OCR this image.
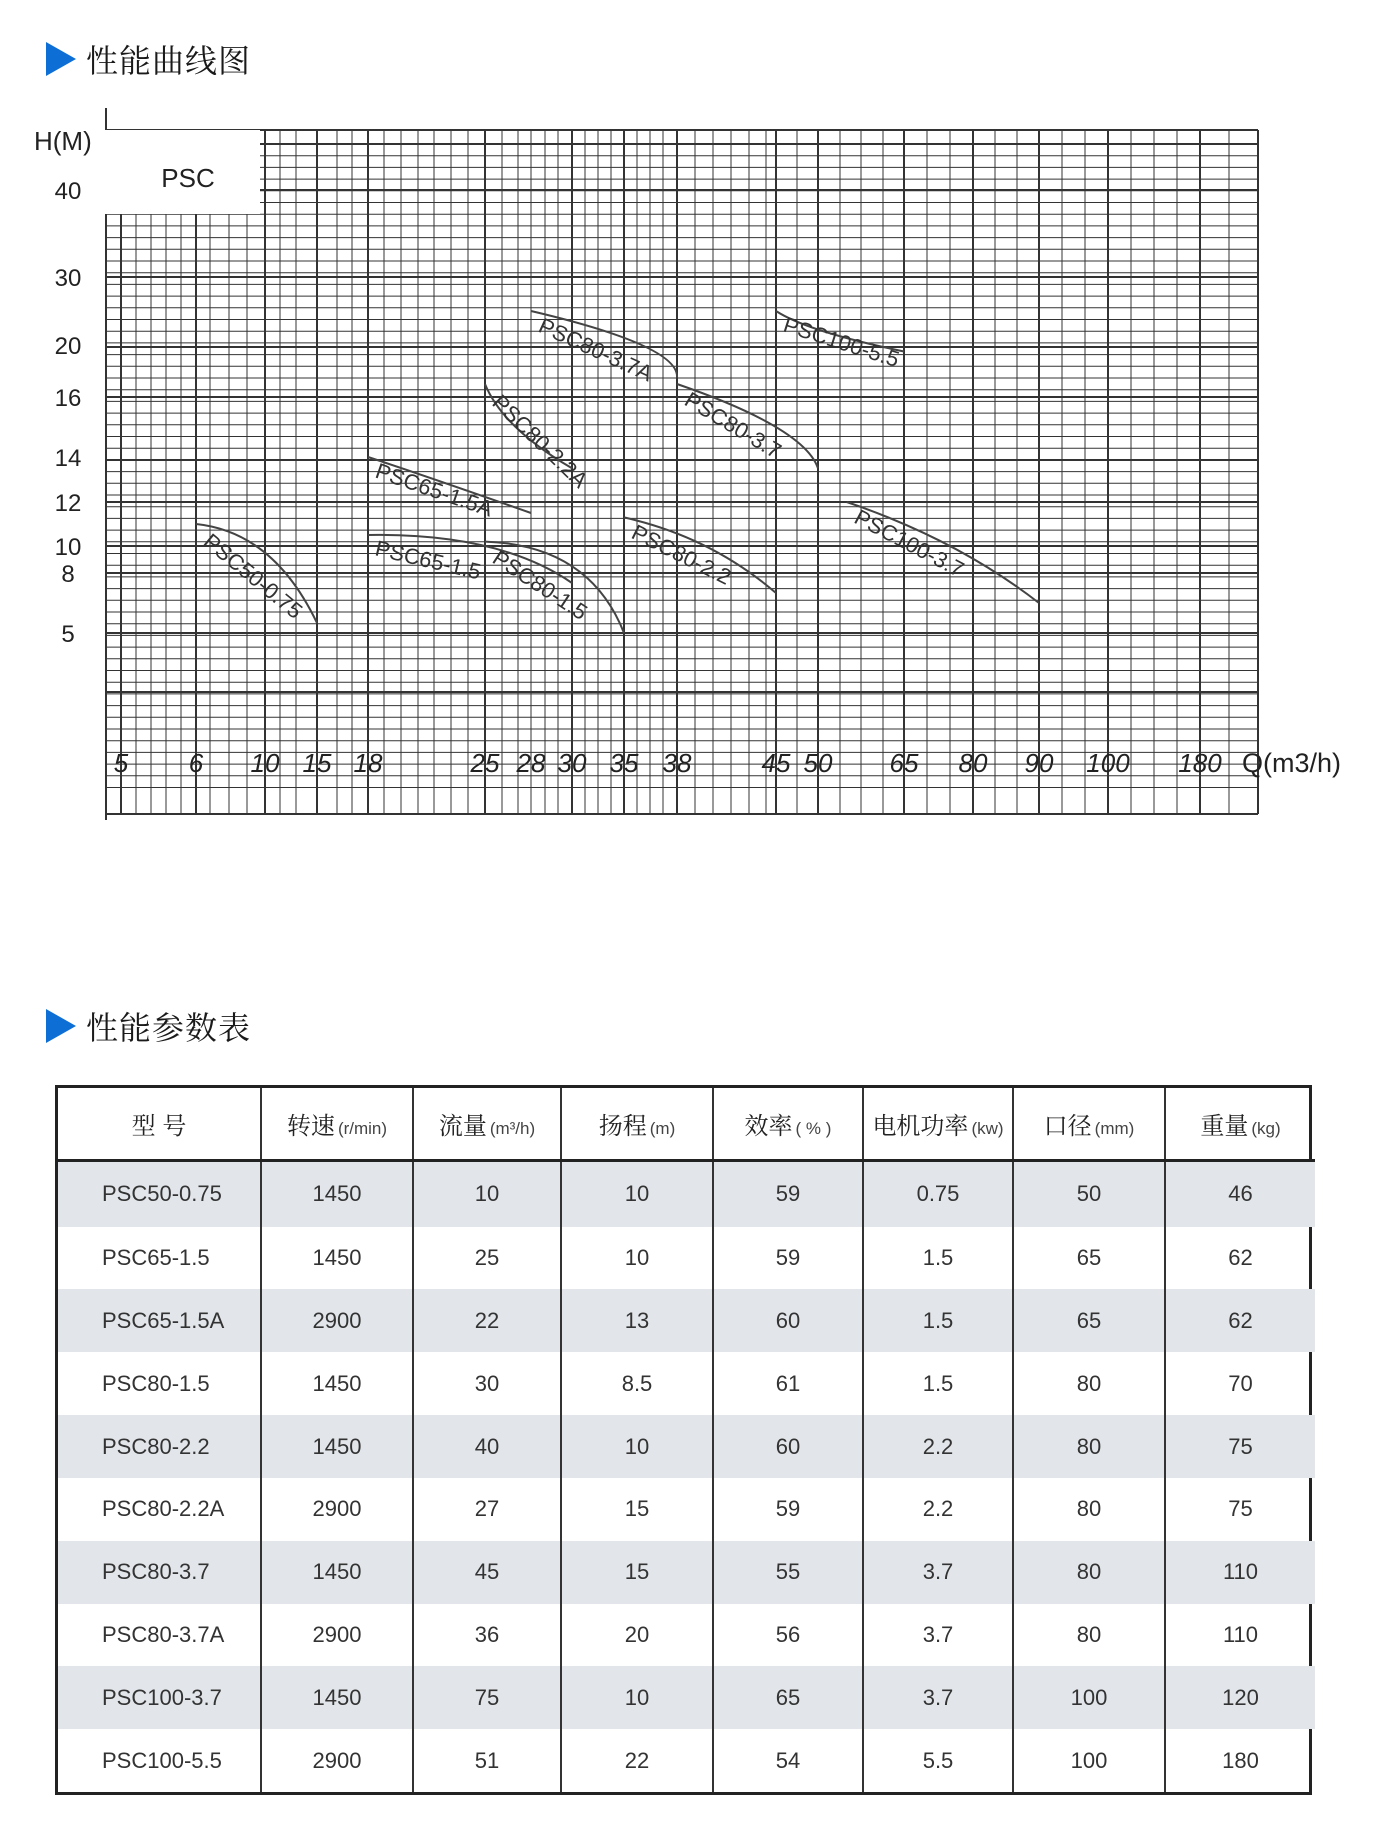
性能曲线图
PSC
H(M)
40
30
20
16
14
12
10
8
5
5 6 10 15 18	25 28 30 35 38	45 50 65 80 90 100 180 Q(m3/h)
PSC50-0.75	PSC65-1.5
PSC65-1.5A
PSC80-1.5 PSC80-2.2
PSC80-2.2A	PSC80-3.7
PSC80-3.7A
PSC100-3.7
PSC100-5.5
性能参数表
型 号	转速 (r/min)	流量 (m³/h)	扬程 (m)	效率 ( % )	电机功率 (kw)	口径 (mm)	重量 (kg)
PSC50-0.75	1450	10	10	59	0.75	50	46
PSC65-1.5	1450	25	10	59	1.5	65	62
PSC65-1.5A	2900	22	13	60	1.5	65	62
PSC80-1.5	1450	30	8.5	61	1.5	80	70
PSC80-2.2	1450	40	10	60	2.2	80	75
PSC80-2.2A	2900	27	15	59	2.2	80	75
PSC80-3.7	1450	45	15	55	3.7	80	110
PSC80-3.7A	2900	36	20	56	3.7	80	110
PSC100-3.7	1450	75	10	65	3.7	100	120
PSC100-5.5	2900	51	22	54	5.5	100	180
